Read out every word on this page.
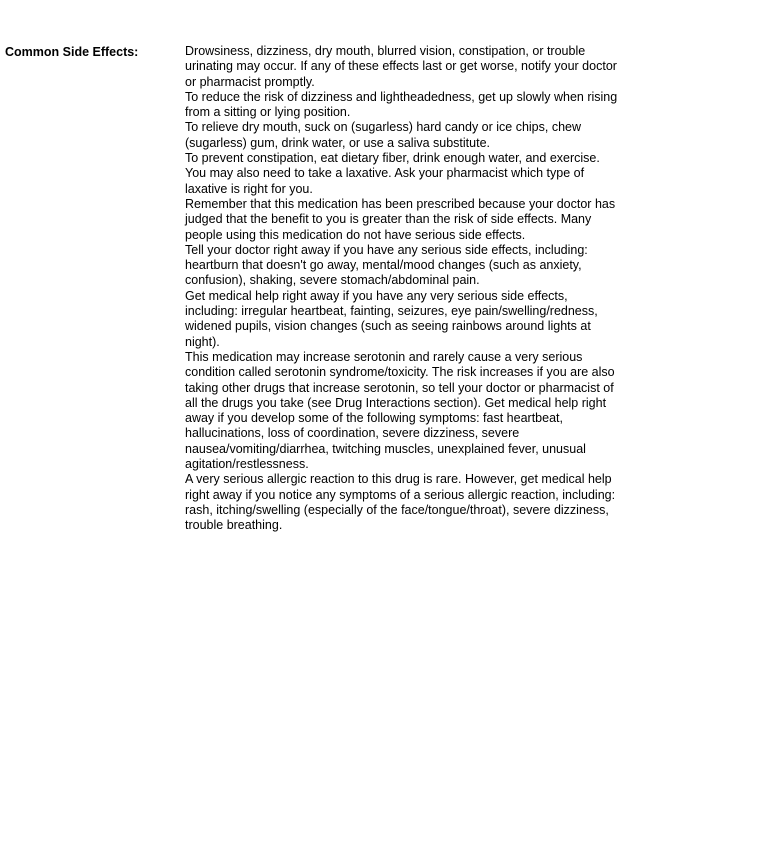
Common Side Effects:	Drowsiness, dizziness, dry mouth, blurred vision, constipation, or trouble urinating may occur. If any of these effects last or get worse, notify your doctor or pharmacist promptly.

To reduce the risk of dizziness and lightheadedness, get up slowly when rising from a sitting or lying position.

To relieve dry mouth, suck on (sugarless) hard candy or ice chips, chew (sugarless) gum, drink water, or use a saliva substitute.

To prevent constipation, eat dietary fiber, drink enough water, and exercise. You may also need to take a laxative. Ask your pharmacist which type of laxative is right for you.

Remember that this medication has been prescribed because your doctor has judged that the benefit to you is greater than the risk of side effects. Many people using this medication do not have serious side effects.

Tell your doctor right away if you have any serious side effects, including: heartburn that doesn't go away, mental/mood changes (such as anxiety, confusion), shaking, severe stomach/abdominal pain.

Get medical help right away if you have any very serious side effects, including: irregular heartbeat, fainting, seizures, eye pain/swelling/redness, widened pupils, vision changes (such as seeing rainbows around lights at night).

This medication may increase serotonin and rarely cause a very serious condition called serotonin syndrome/toxicity. The risk increases if you are also taking other drugs that increase serotonin, so tell your doctor or pharmacist of all the drugs you take (see Drug Interactions section). Get medical help right away if you develop some of the following symptoms: fast heartbeat, hallucinations, loss of coordination, severe dizziness, severe nausea/vomiting/diarrhea, twitching muscles, unexplained fever, unusual agitation/restlessness.

A very serious allergic reaction to this drug is rare. However, get medical help right away if you notice any symptoms of a serious allergic reaction, including: rash, itching/swelling (especially of the face/tongue/throat), severe dizziness, trouble breathing.
